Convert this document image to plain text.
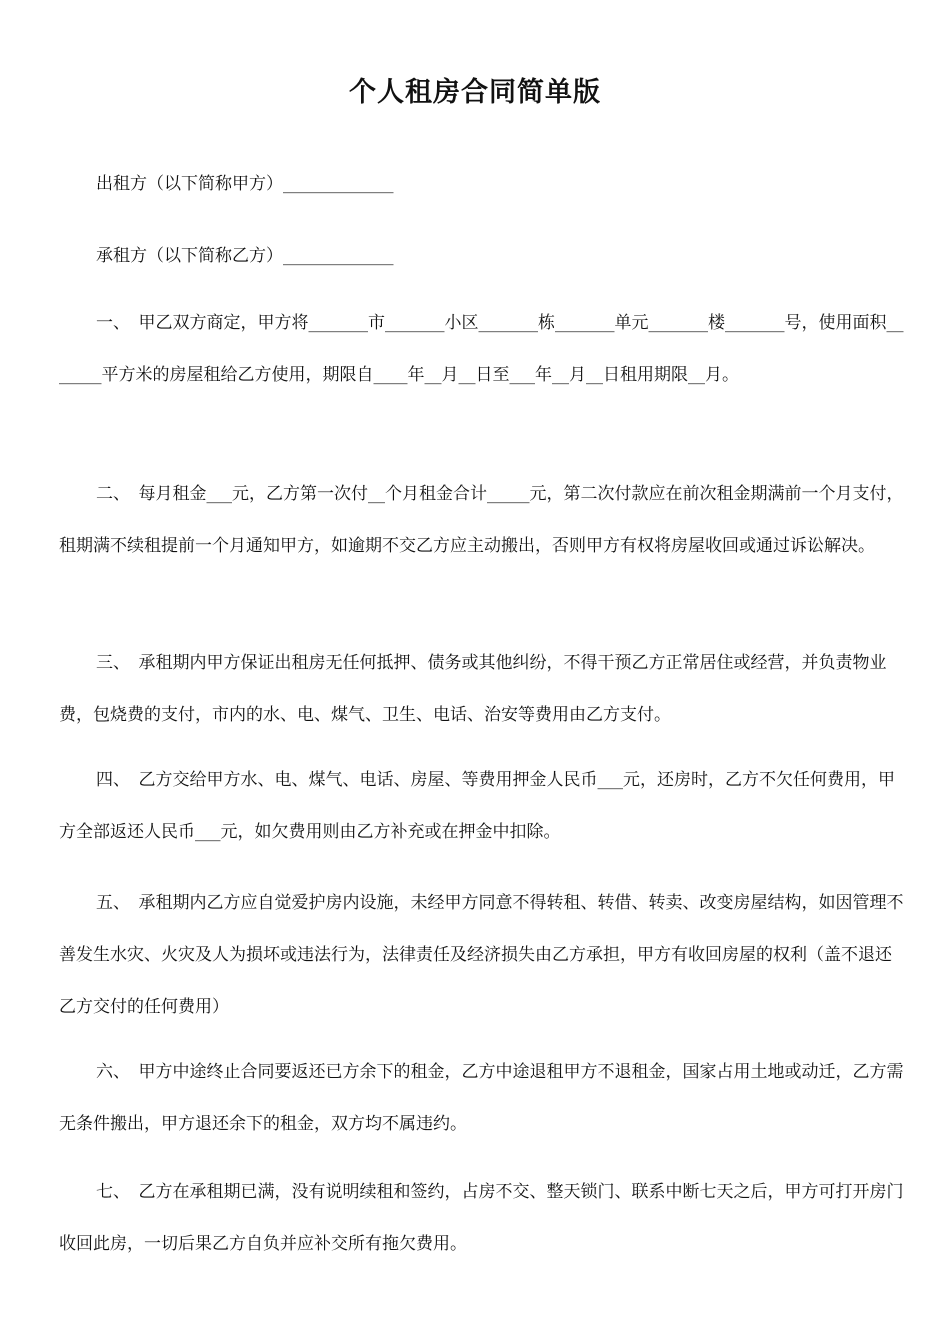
个人租房合同简单版
出租方（以下简称甲方）_____________
承租方（以下简称乙方）_____________
一、　甲乙双方商定，甲方将_______市_______小区_______栋_______单元_______楼_______号，使用面积_______平方米的房屋租给乙方使用，期限自____年__月__日至___年__月__日租用期限__月。
二、　每月租金___元，乙方第一次付__个月租金合计_____元，第二次付款应在前次租金期满前一个月支付，租期满不续租提前一个月通知甲方，如逾期不交乙方应主动搬出，否则甲方有权将房屋收回或通过诉讼解决。
三、　承租期内甲方保证出租房无任何抵押、债务或其他纠纷，不得干预乙方正常居住或经营，并负责物业费，包烧费的支付，市内的水、电、煤气、卫生、电话、治安等费用由乙方支付。
四、　乙方交给甲方水、电、煤气、电话、房屋、等费用押金人民币___元，还房时，乙方不欠任何费用，甲方全部返还人民币___元，如欠费用则由乙方补充或在押金中扣除。
五、　承租期内乙方应自觉爱护房内设施，未经甲方同意不得转租、转借、转卖、改变房屋结构，如因管理不善发生水灾、火灾及人为损坏或违法行为，法律责任及经济损失由乙方承担，甲方有收回房屋的权利（盖不退还乙方交付的任何费用）
六、　甲方中途终止合同要返还已方余下的租金，乙方中途退租甲方不退租金，国家占用土地或动迁，乙方需无条件搬出，甲方退还余下的租金，双方均不属违约。
七、　乙方在承租期已满，没有说明续租和签约，占房不交、整天锁门、联系中断七天之后，甲方可打开房门收回此房，一切后果乙方自负并应补交所有拖欠费用。
